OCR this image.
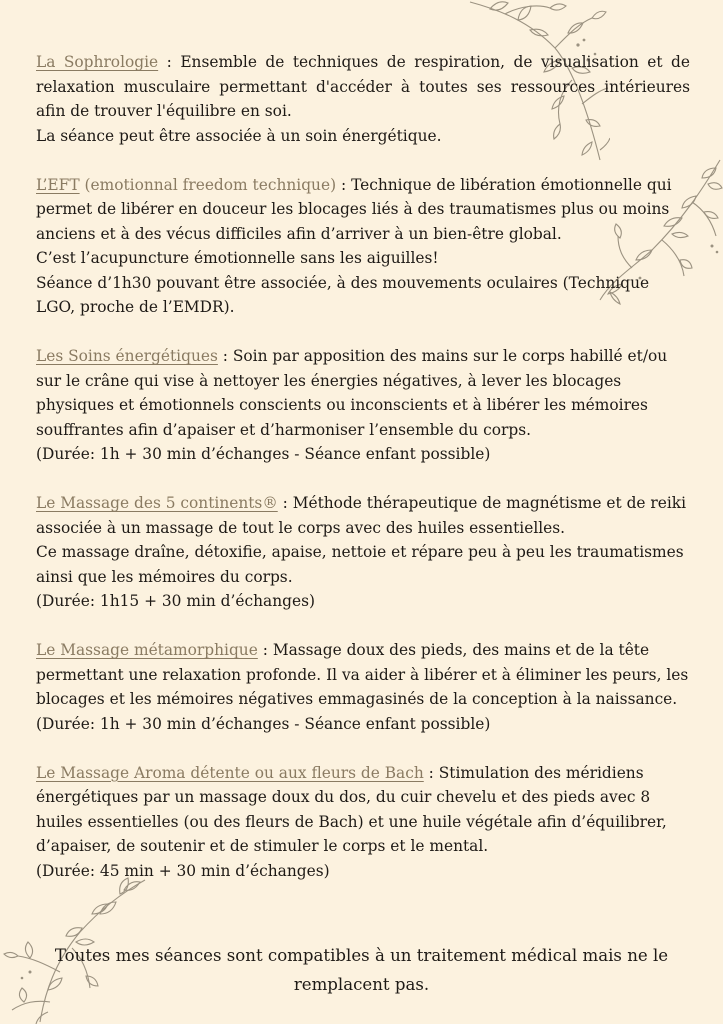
La Sophrologie : Ensemble de techniques de respiration, de visualisation et de relaxation musculaire permettant d'accéder à toutes ses ressources intérieures afin de trouver l'équilibre en soi.

La séance peut être associée à un soin énergétique.

L’EFT (emotionnal freedom technique) : Technique de libération émotionnelle qui permet de libérer en douceur les blocages liés à des traumatismes plus ou moins anciens et à des vécus difficiles afin d’arriver à un bien-être global.

C’est l’acupuncture émotionnelle sans les aiguilles!

Séance d’1h30 pouvant être associée, à des mouvements oculaires (Technique LGO, proche de l’EMDR).

Les Soins énergétiques : Soin par apposition des mains sur le corps habillé et/ou sur le crâne qui vise à nettoyer les énergies négatives, à lever les blocages physiques et émotionnels conscients ou inconscients et à libérer les mémoires souffrantes afin d’apaiser et d’harmoniser l’ensemble du corps.

(Durée: 1h + 30 min d’échanges - Séance enfant possible)

Le Massage des 5 continents® : Méthode thérapeutique de magnétisme et de reiki associée à un massage de tout le corps avec des huiles essentielles.

Ce massage draîne, détoxifie, apaise, nettoie et répare peu à peu les traumatismes ainsi que les mémoires du corps.

(Durée: 1h15 + 30 min d’échanges)

Le Massage métamorphique : Massage doux des pieds, des mains et de la tête permettant une relaxation profonde. Il va aider à libérer et à éliminer les peurs, les blocages et les mémoires négatives emmagasinés de la conception à la naissance.

(Durée: 1h + 30 min d’échanges - Séance enfant possible)

Le Massage Aroma détente ou aux fleurs de Bach : Stimulation des méridiens énergétiques par un massage doux du dos, du cuir chevelu et des pieds avec 8 huiles essentielles (ou des fleurs de Bach) et une huile végétale afin d’équilibrer, d’apaiser, de soutenir et de stimuler le corps et le mental.

(Durée: 45 min + 30 min d’échanges)

Toutes mes séances sont compatibles à un traitement médical mais ne le remplacent pas.
